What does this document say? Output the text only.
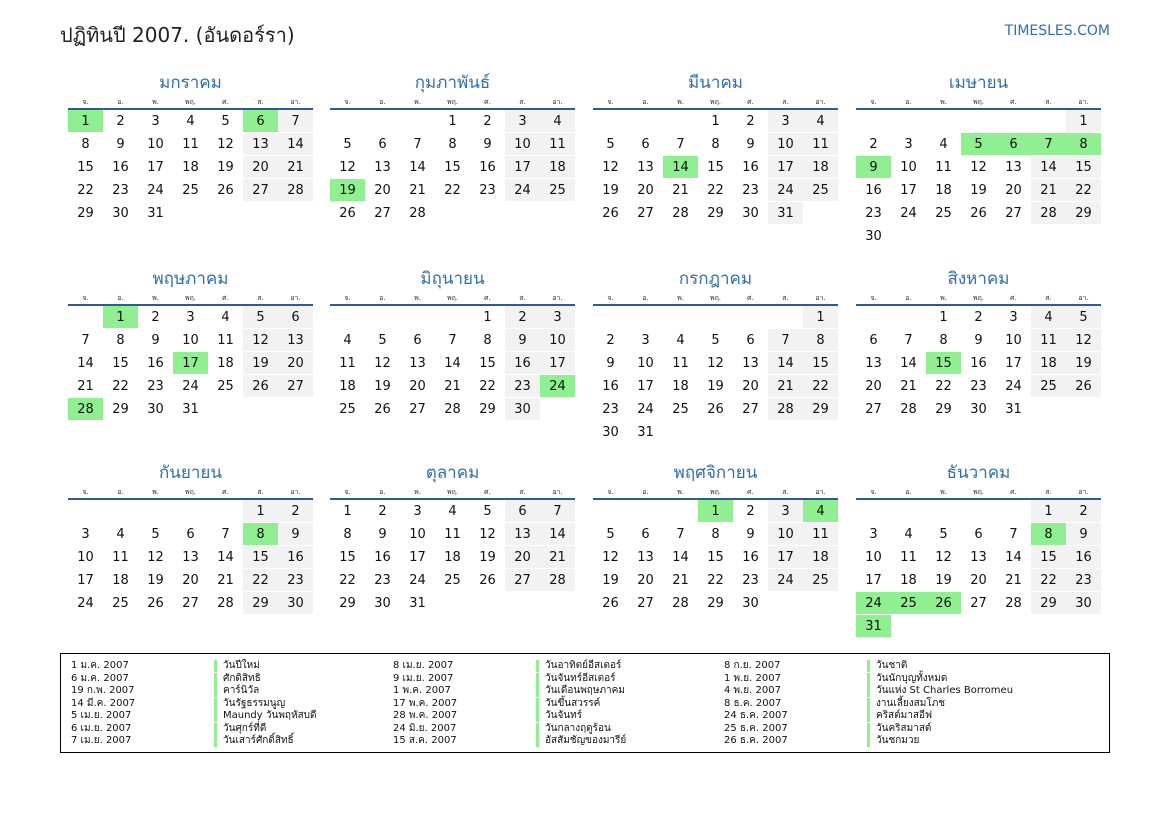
ปฏิทินปี 2007. (อันดอร์รา)	TIMESLES.COM
มกราคม
จ.	อ.	พ.	พฤ.	ศ.	ส.	อา.
1	2	3	4	5	6	7
8	9	10	11	12	13	14
15	16	17	18	19	20	21
22	23	24	25	26	27	28
29	30	31				
กุมภาพันธ์
จ.	อ.	พ.	พฤ.	ศ.	ส.	อา.
			1	2	3	4
5	6	7	8	9	10	11
12	13	14	15	16	17	18
19	20	21	22	23	24	25
26	27	28				
มีนาคม
จ.	อ.	พ.	พฤ.	ศ.	ส.	อา.
			1	2	3	4
5	6	7	8	9	10	11
12	13	14	15	16	17	18
19	20	21	22	23	24	25
26	27	28	29	30	31	
เมษายน
จ.	อ.	พ.	พฤ.	ศ.	ส.	อา.
						1
2	3	4	5	6	7	8
9	10	11	12	13	14	15
16	17	18	19	20	21	22
23	24	25	26	27	28	29
30						
พฤษภาคม
จ.	อ.	พ.	พฤ.	ศ.	ส.	อา.
	1	2	3	4	5	6
7	8	9	10	11	12	13
14	15	16	17	18	19	20
21	22	23	24	25	26	27
28	29	30	31			
มิถุนายน
จ.	อ.	พ.	พฤ.	ศ.	ส.	อา.
				1	2	3
4	5	6	7	8	9	10
11	12	13	14	15	16	17
18	19	20	21	22	23	24
25	26	27	28	29	30	
กรกฎาคม
จ.	อ.	พ.	พฤ.	ศ.	ส.	อา.
						1
2	3	4	5	6	7	8
9	10	11	12	13	14	15
16	17	18	19	20	21	22
23	24	25	26	27	28	29
30	31					
สิงหาคม
จ.	อ.	พ.	พฤ.	ศ.	ส.	อา.
		1	2	3	4	5
6	7	8	9	10	11	12
13	14	15	16	17	18	19
20	21	22	23	24	25	26
27	28	29	30	31		
กันยายน
จ.	อ.	พ.	พฤ.	ศ.	ส.	อา.
					1	2
3	4	5	6	7	8	9
10	11	12	13	14	15	16
17	18	19	20	21	22	23
24	25	26	27	28	29	30
ตุลาคม
จ.	อ.	พ.	พฤ.	ศ.	ส.	อา.
1	2	3	4	5	6	7
8	9	10	11	12	13	14
15	16	17	18	19	20	21
22	23	24	25	26	27	28
29	30	31				
พฤศจิกายน
จ.	อ.	พ.	พฤ.	ศ.	ส.	อา.
			1	2	3	4
5	6	7	8	9	10	11
12	13	14	15	16	17	18
19	20	21	22	23	24	25
26	27	28	29	30		
ธันวาคม
จ.	อ.	พ.	พฤ.	ศ.	ส.	อา.
					1	2
3	4	5	6	7	8	9
10	11	12	13	14	15	16
17	18	19	20	21	22	23
24	25	26	27	28	29	30
31						
1 ม.ค. 2007	วันปีใหม่
6 ม.ค. 2007	ศักดิสิทธิ
19 ก.พ. 2007	คาร์นิวัล
14 มี.ค. 2007	วันรัฐธรรมนูญ
5 เม.ย. 2007	Maundy วันพฤหัสบดี
6 เม.ย. 2007	วันศุกร์ที่ดี
7 เม.ย. 2007	วันเสาร์ศักดิ์สิทธิ์
8 เม.ย. 2007	วันอาทิตย์อีสเตอร์
9 เม.ย. 2007	วันจันทร์อีสเตอร์
1 พ.ค. 2007	วันเดือนพฤษภาคม
17 พ.ค. 2007	วันขึ้นสวรรค์
28 พ.ค. 2007	วันจันทร์
24 มิ.ย. 2007	วันกลางฤดูร้อน
15 ส.ค. 2007	อัสสัมชัญของมารีย์
8 ก.ย. 2007	วันชาติ
1 พ.ย. 2007	วันนักบุญทั้งหมด
4 พ.ย. 2007	วันแห่ง St Charles Borromeu
8 ธ.ค. 2007	งานเลี้ยงสมโภช
24 ธ.ค. 2007	คริสต์มาสอีฟ
25 ธ.ค. 2007	วันคริสมาสต์
26 ธ.ค. 2007	วันชกมวย
